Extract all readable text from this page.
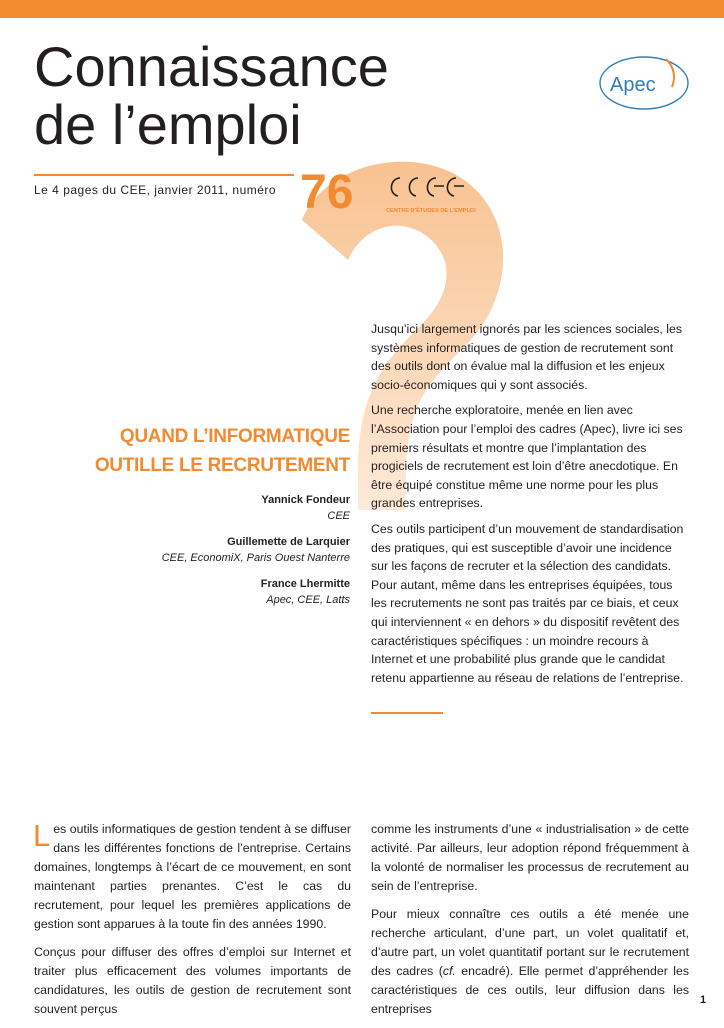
Connaissance
de l’emploi
Apec
Le 4 pages du CEE, janvier 2011, numéro 76	CENTRE D’ÉTUDES DE L’EMPLOI
QUAND L’INFORMATIQUE
OUTILLE LE RECRUTEMENT
Yannick Fondeur
CEE
Guillemette de Larquier
CEE, EconomiX, Paris Ouest Nanterre
France Lhermitte
Apec, CEE, Latts

Jusqu’ici largement ignorés par les sciences sociales, les systèmes informatiques de gestion de recrutement sont des outils dont on évalue mal la diffusion et les enjeux socio-économiques qui y sont associés.

Une recherche exploratoire, menée en lien avec l’Association pour l’emploi des cadres (Apec), livre ici ses premiers résultats et montre que l’implantation des progiciels de recrutement est loin d’être anecdotique. En être équipé constitue même une norme pour les plus grandes entreprises.

Ces outils participent d’un mouvement de standardisation des pratiques, qui est susceptible d’avoir une incidence sur les façons de recruter et la sélection des candidats. Pour autant, même dans les entreprises équipées, tous les recrutements ne sont pas traités par ce biais, et ceux qui interviennent « en dehors » du dispositif revêtent des caractéristiques spécifiques : un moindre recours à Internet et une probabilité plus grande que le candidat retenu appartienne au réseau de relations de l’entreprise.

Les outils informatiques de gestion tendent à se diffuser dans les différentes fonctions de l’entreprise. Certains domaines, longtemps à l’écart de ce mouvement, en sont maintenant parties prenantes. C’est le cas du recrutement, pour lequel les premières applications de gestion sont apparues à la toute fin des années 1990.

Conçus pour diffuser des offres d’emploi sur Internet et traiter plus efficacement des volumes importants de candidatures, les outils de gestion de recrutement sont souvent perçus

comme les instruments d’une « industrialisation » de cette activité. Par ailleurs, leur adoption répond fréquemment à la volonté de normaliser les processus de recrutement au sein de l’entreprise.

Pour mieux connaître ces outils a été menée une recherche articulant, d’une part, un volet qualitatif et, d’autre part, un volet quantitatif portant sur le recrutement des cadres (cf. encadré). Elle permet d’appréhender les caractéristiques de ces outils, leur diffusion dans les entreprises

1
